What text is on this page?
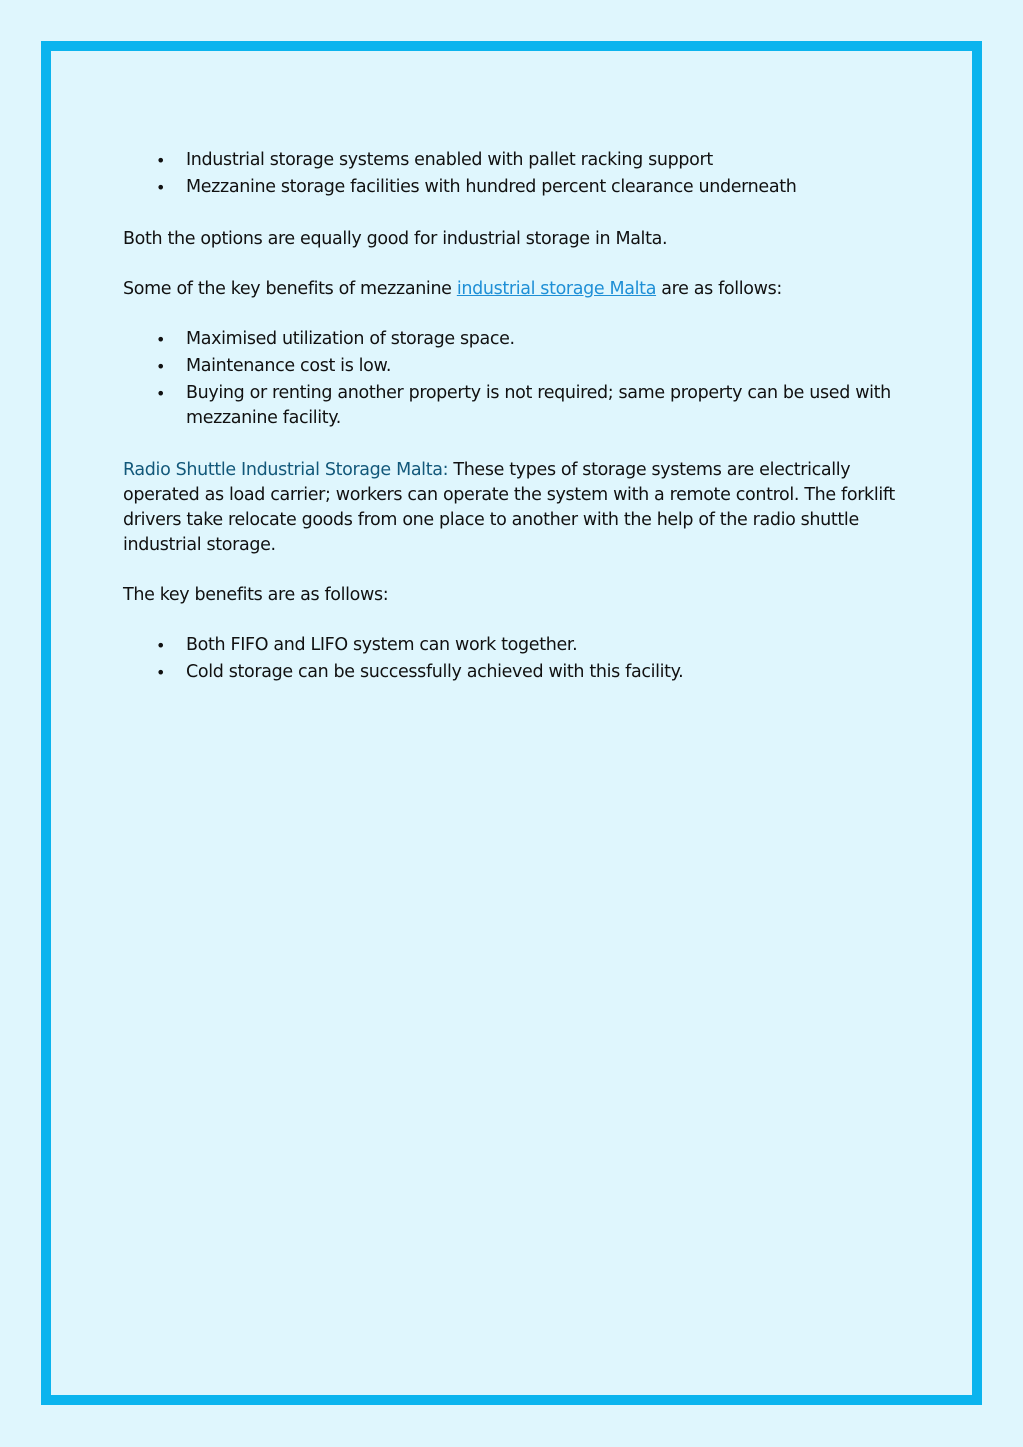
• Industrial storage systems enabled with pallet racking support
• Mezzanine storage facilities with hundred percent clearance underneath

Both the options are equally good for industrial storage in Malta.

Some of the key benefits of mezzanine industrial storage Malta are as follows:

• Maximised utilization of storage space.
• Maintenance cost is low.
• Buying or renting another property is not required; same property can be used with mezzanine facility.

Radio Shuttle Industrial Storage Malta: These types of storage systems are electrically operated as load carrier; workers can operate the system with a remote control. The forklift drivers take relocate goods from one place to another with the help of the radio shuttle industrial storage.

The key benefits are as follows:

• Both FIFO and LIFO system can work together.
• Cold storage can be successfully achieved with this facility.
